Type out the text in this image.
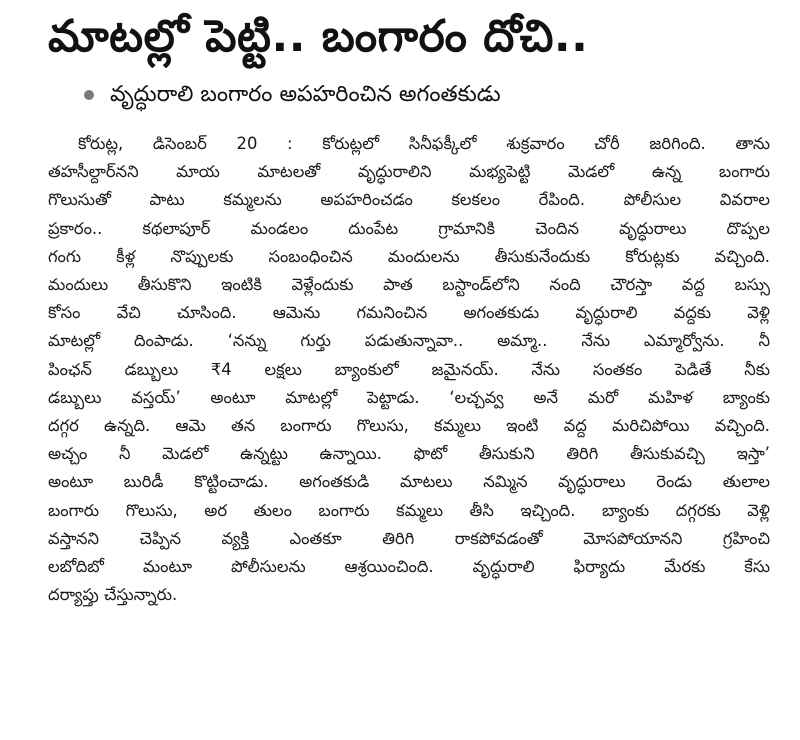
మాటల్లో పెట్టి.. బంగారం దోచి..
వృద్ధురాలి బంగారం అపహరించిన అగంతకుడు
కోరుట్ల, డిసెంబర్ 20 : కోరుట్లలో సినీఫక్కీలో శుక్రవారం చోరీ జరిగింది. తాను
తహసీల్దార్‌నని మాయ మాటలతో వృద్ధురాలిని మభ్యపెట్టి మెడలో ఉన్న బంగారు
గొలుసుతో పాటు కమ్మలను అపహరించడం కలకలం రేపింది. పోలీసుల వివరాల
ప్రకారం.. కథలాపూర్ మండలం దుంపేట గ్రామానికి చెందిన వృద్ధురాలు దొప్పల
గంగు కీళ్ల నొప్పులకు సంబంధించిన మందులను తీసుకునేందుకు కోరుట్లకు వచ్చింది.
మందులు తీసుకొని ఇంటికి వెళ్లేందుకు పాత బస్టాండ్‌లోని నంది చౌరస్తా వద్ద బస్సు
కోసం వేచి చూసింది. ఆమెను గమనించిన అగంతకుడు వృద్ధురాలి వద్దకు వెళ్లి
మాటల్లో దింపాడు. ‘నన్ను గుర్తు పడుతున్నావా.. అమ్మా.. నేను ఎమ్మార్వోను. నీ
పింఛన్ డబ్బులు ₹4 లక్షలు బ్యాంకులో జమైనయ్. నేను సంతకం పెడితే నీకు
డబ్బులు వస్తయ్’ అంటూ మాటల్లో పెట్టాడు. ‘లచ్చవ్వ అనే మరో మహిళ బ్యాంకు
దగ్గర ఉన్నది. ఆమె తన బంగారు గొలుసు, కమ్మలు ఇంటి వద్ద మరిచిపోయి వచ్చింది.
అచ్చం నీ మెడలో ఉన్నట్టు ఉన్నాయి. ఫొటో తీసుకుని తిరిగి తీసుకువచ్చి ఇస్తా’
అంటూ బురిడీ కొట్టించాడు. అగంతకుడి మాటలు నమ్మిన వృద్ధురాలు రెండు తులాల
బంగారు గొలుసు, అర తులం బంగారు కమ్మలు తీసి ఇచ్చింది. బ్యాంకు దగ్గరకు వెళ్లి
వస్తానని చెప్పిన వ్యక్తి ఎంతకూ తిరిగి రాకపోవడంతో మోసపోయానని గ్రహించి
లబోదిబో మంటూ పోలీసులను ఆశ్రయించింది. వృద్ధురాలి ఫిర్యాదు మేరకు కేసు
దర్యాప్తు చేస్తున్నారు.
